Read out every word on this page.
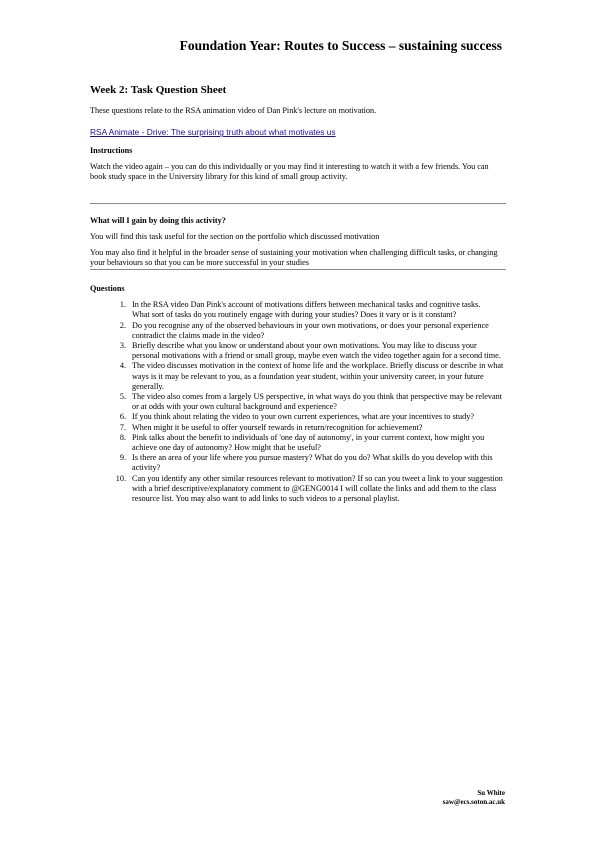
Foundation Year: Routes to Success – sustaining success
Week 2: Task Question Sheet
These questions relate to the RSA animation video of Dan Pink's lecture on motivation.
RSA Animate - Drive: The surprising truth about what motivates us
Instructions
Watch the video again – you can do this individually or you may find it interesting to watch it with a few friends. You can book study space in the University library for this kind of small group activity.
What will I gain by doing this activity?
You will find this task useful for the section on the portfolio which discussed motivation
You may also find it helpful in the broader sense of sustaining your motivation when challenging difficult tasks, or changing your behaviours so that you can be more successful in your studies
Questions
1. In the RSA video Dan Pink's account of motivations differs between mechanical tasks and cognitive tasks.
What sort of tasks do you routinely engage with during your studies? Does it vary or is it constant?
2. Do you recognise any of the observed behaviours in your own motivations, or does your personal experience contradict the claims made in the video?
3. Briefly describe what you know or understand about your own motivations. You may like to discuss your personal motivations with a friend or small group, maybe even watch the video together again for a second time.
4. The video discusses motivation in the context of home life and the workplace. Briefly discuss or describe in what ways is it may be relevant to you, as a foundation year student, within your university career, in your future generally.
5. The video also comes from a largely US perspective, in what ways do you think that perspective may be relevant or at odds with your own cultural background and experience?
6. If you think about relating the video to your own current experiences, what are your incentives to study?
7. When might it be useful to offer yourself rewards in return/recognition for achievement?
8. Pink talks about the benefit to individuals of 'one day of autonomy', in your current context, how might you achieve one day of autonomy? How might that be useful?
9. Is there an area of your life where you pursue mastery? What do you do? What skills do you develop with this activity?
10. Can you identify any other similar resources relevant to motivation? If so can you tweet a link to your suggestion with a brief descriptive/explanatory comment to @GENG0014 I will collate the links and add them to the class resource list. You may also want to add links to such videos to a personal playlist.
Su White
saw@ecs.soton.ac.uk
